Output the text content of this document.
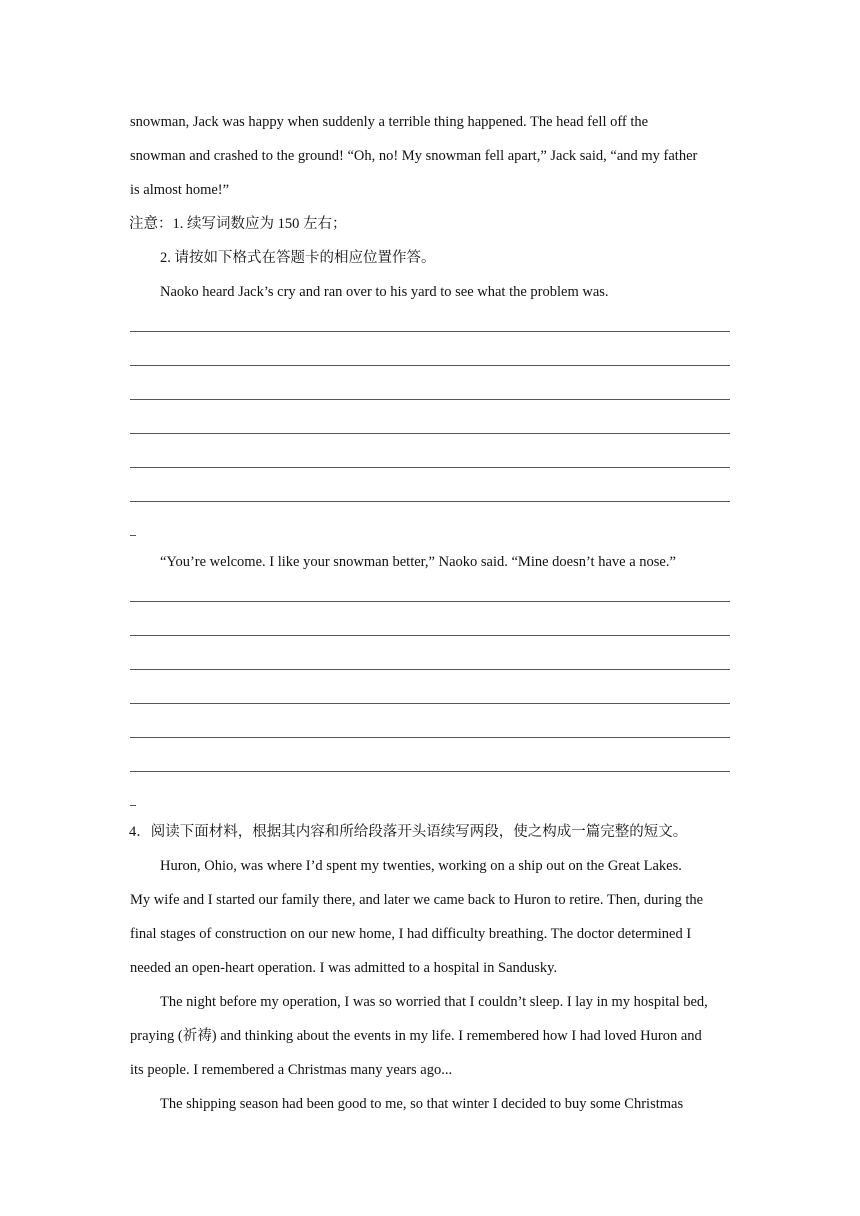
snowman, Jack was happy when suddenly a terrible thing happened. The head fell off the
snowman and crashed to the ground! “Oh, no! My snowman fell apart,” Jack said, “and my father
is almost home!”
注意：1. 续写词数应为 150 左右；
2. 请按如下格式在答题卡的相应位置作答。
Naoko heard Jack’s cry and ran over to his yard to see what the problem was.
“You’re welcome. I like your snowman better,” Naoko said. “Mine doesn’t have a nose.”
4．阅读下面材料，根据其内容和所给段落开头语续写两段，使之构成一篇完整的短文。
Huron, Ohio, was where I’d spent my twenties, working on a ship out on the Great Lakes.
My wife and I started our family there, and later we came back to Huron to retire. Then, during the
final stages of construction on our new home, I had difficulty breathing. The doctor determined I
needed an open-heart operation. I was admitted to a hospital in Sandusky.
The night before my operation, I was so worried that I couldn’t sleep. I lay in my hospital bed,
praying (祈祷) and thinking about the events in my life. I remembered how I had loved Huron and
its people. I remembered a Christmas many years ago...
The shipping season had been good to me, so that winter I decided to buy some Christmas
